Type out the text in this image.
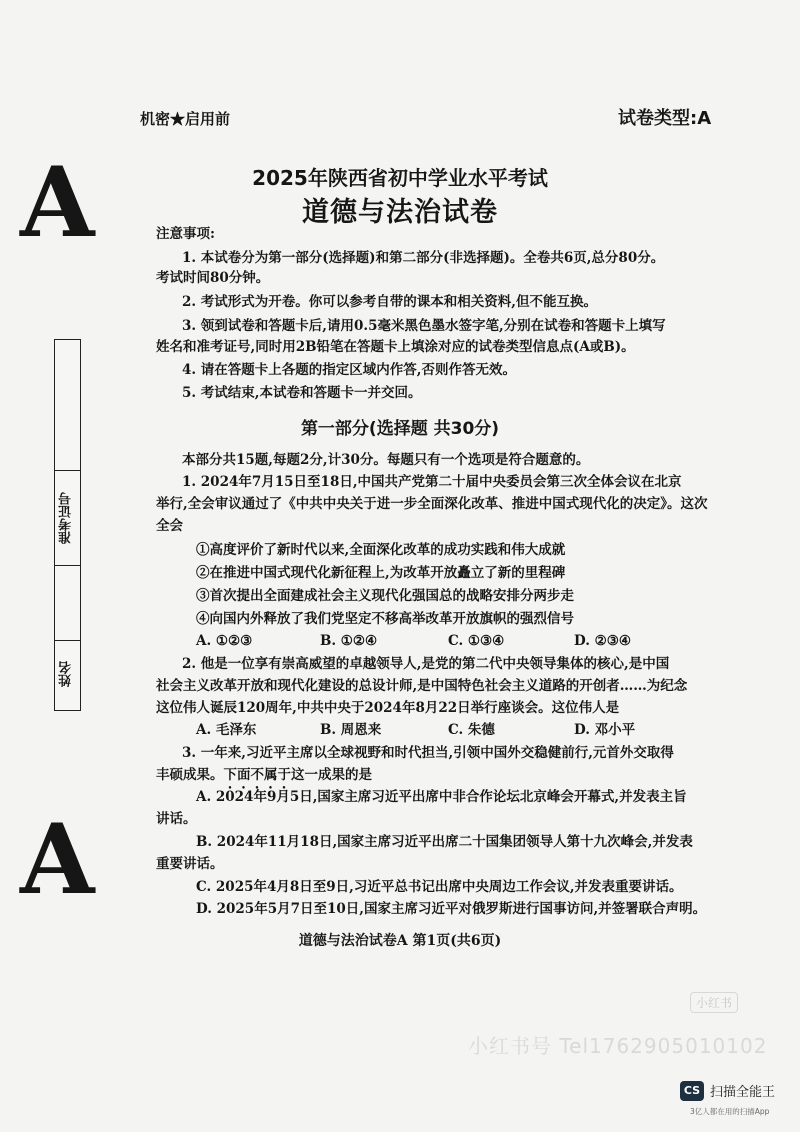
机密★启用前	试卷类型:A
A
A
2025年陕西省初中学业水平考试
道德与法治试卷
注意事项:
1. 本试卷分为第一部分(选择题)和第二部分(非选择题)。全卷共6页,总分80分。
考试时间80分钟。
2. 考试形式为开卷。你可以参考自带的课本和相关资料,但不能互换。
3. 领到试卷和答题卡后,请用0.5毫米黑色墨水签字笔,分别在试卷和答题卡上填写
姓名和准考证号,同时用2B铅笔在答题卡上填涂对应的试卷类型信息点(A或B)。
4. 请在答题卡上各题的指定区域内作答,否则作答无效。
5. 考试结束,本试卷和答题卡一并交回。
准考证号
姓名
第一部分(选择题 共30分)
本部分共15题,每题2分,计30分。每题只有一个选项是符合题意的。
1. 2024年7月15日至18日,中国共产党第二十届中央委员会第三次全体会议在北京
举行,全会审议通过了《中共中央关于进一步全面深化改革、推进中国式现代化的决定》。这次
全会
①高度评价了新时代以来,全面深化改革的成功实践和伟大成就
②在推进中国式现代化新征程上,为改革开放矗立了新的里程碑
③首次提出全面建成社会主义现代化强国总的战略安排分两步走
④向国内外释放了我们党坚定不移高举改革开放旗帜的强烈信号
A. ①②③	B. ①②④	C. ①③④	D. ②③④
2. 他是一位享有崇高威望的卓越领导人,是党的第二代中央领导集体的核心,是中国
社会主义改革开放和现代化建设的总设计师,是中国特色社会主义道路的开创者……为纪念
这位伟人诞辰120周年,中共中央于2024年8月22日举行座谈会。这位伟人是
A. 毛泽东	B. 周恩来	C. 朱德	D. 邓小平
3. 一年来,习近平主席以全球视野和时代担当,引领中国外交稳健前行,元首外交取得
丰硕成果。下面不属于这一成果的是
A. 2024年9月5日,国家主席习近平出席中非合作论坛北京峰会开幕式,并发表主旨
讲话。
B. 2024年11月18日,国家主席习近平出席二十国集团领导人第十九次峰会,并发表
重要讲话。
C. 2025年4月8日至9日,习近平总书记出席中央周边工作会议,并发表重要讲话。
D. 2025年5月7日至10日,国家主席习近平对俄罗斯进行国事访问,并签署联合声明。
道德与法治试卷A 第1页(共6页)
小红书
小红书号 Tel1762905010102
CS 扫描全能王
3亿人都在用的扫描App
